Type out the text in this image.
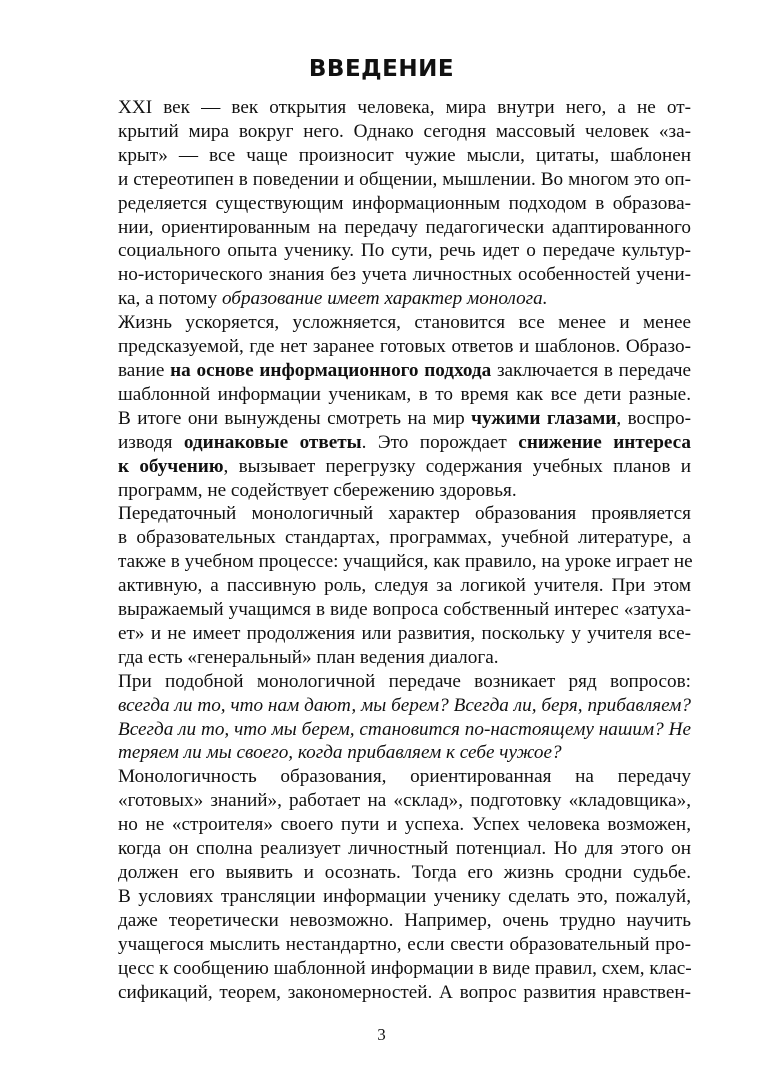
ВВЕДЕНИЕ

XXI век — век открытия человека, мира внутри него, а не от-
крытий мира вокруг него. Однако сегодня массовый человек «за-
крыт» — все чаще произносит чужие мысли, цитаты, шаблонен
и стереотипен в поведении и общении, мышлении. Во многом это оп-
ределяется существующим информационным подходом в образова-
нии, ориентированным на передачу педагогически адаптированного
социального опыта ученику. По сути, речь идет о передаче культур-
но-исторического знания без учета личностных особенностей учени-
ка, а потому образование имеет характер монолога.

Жизнь ускоряется, усложняется, становится все менее и менее
предсказуемой, где нет заранее готовых ответов и шаблонов. Образо-
вание на основе информационного подхода заключается в передаче
шаблонной информации ученикам, в то время как все дети разные.
В итоге они вынуждены смотреть на мир чужими глазами, воспро-
изводя одинаковые ответы. Это порождает снижение интереса
к обучению, вызывает перегрузку содержания учебных планов и
программ, не содействует сбережению здоровья.

Передаточный монологичный характер образования проявляется
в образовательных стандартах, программах, учебной литературе, а
также в учебном процессе: учащийся, как правило, на уроке играет не
активную, а пассивную роль, следуя за логикой учителя. При этом
выражаемый учащимся в виде вопроса собственный интерес «затуха-
ет» и не имеет продолжения или развития, поскольку у учителя все-
гда есть «генеральный» план ведения диалога.

При подобной монологичной передаче возникает ряд вопросов:
всегда ли то, что нам дают, мы берем? Всегда ли, беря, прибавляем?
Всегда ли то, что мы берем, становится по-настоящему нашим? Не
теряем ли мы своего, когда прибавляем к себе чужое?

Монологичность образования, ориентированная на передачу
«готовых» знаний», работает на «склад», подготовку «кладовщика»,
но не «строителя» своего пути и успеха. Успех человека возможен,
когда он сполна реализует личностный потенциал. Но для этого он
должен его выявить и осознать. Тогда его жизнь сродни судьбе.
В условиях трансляции информации ученику сделать это, пожалуй,
даже теоретически невозможно. Например, очень трудно научить
учащегося мыслить нестандартно, если свести образовательный про-
цесс к сообщению шаблонной информации в виде правил, схем, клас-
сификаций, теорем, закономерностей. А вопрос развития нравствен-

3
